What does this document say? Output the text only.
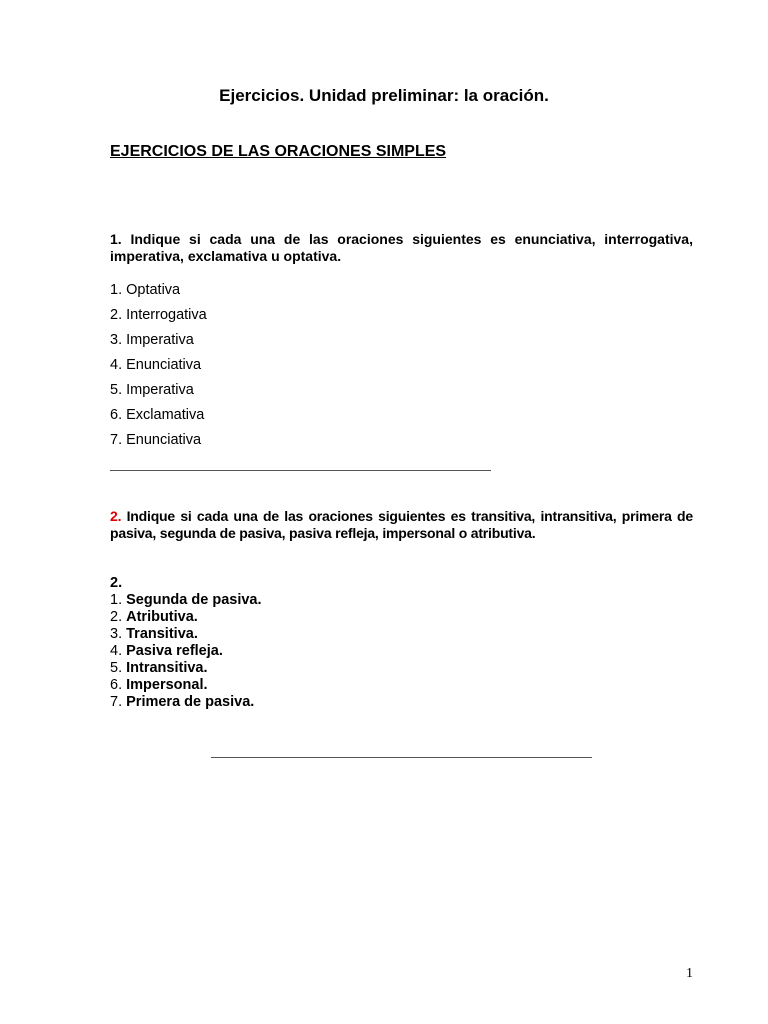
Ejercicios. Unidad preliminar: la oración.
EJERCICIOS DE LAS ORACIONES SIMPLES
1. Indique si cada una de las oraciones siguientes es enunciativa, interrogativa, imperativa, exclamativa u optativa.
1. Optativa
2. Interrogativa
3. Imperativa
4. Enunciativa
5. Imperativa
6. Exclamativa
7. Enunciativa
2. Indique si cada una de las oraciones siguientes es transitiva, intransitiva, primera de pasiva, segunda de pasiva, pasiva refleja, impersonal o atributiva.
2.
1. Segunda de pasiva.
2. Atributiva.
3. Transitiva.
4. Pasiva refleja.
5. Intransitiva.
6. Impersonal.
7. Primera de pasiva.
1
